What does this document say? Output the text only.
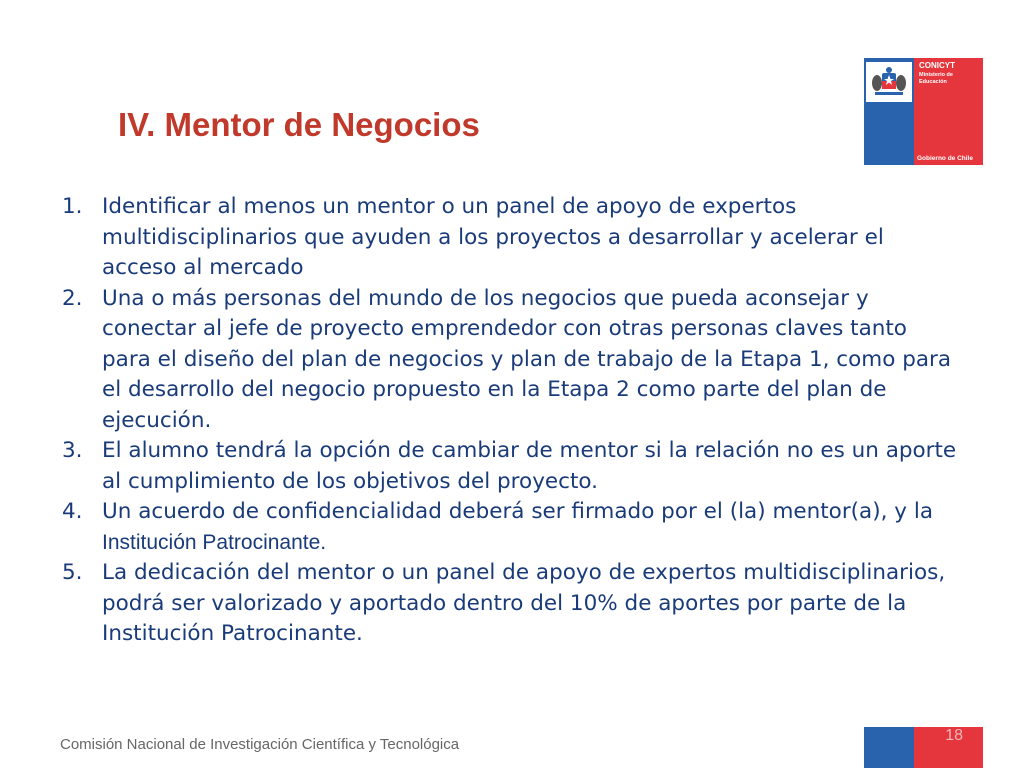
IV. Mentor de Negocios
CONICYT
Ministerio de
Educación
Gobierno de Chile
1. Identificar al menos un mentor o un panel de apoyo de expertos multidisciplinarios que ayuden a los proyectos a desarrollar y acelerar el acceso al mercado
2. Una o más personas del mundo de los negocios que pueda aconsejar y conectar al jefe de proyecto emprendedor con otras personas claves tanto para el diseño del plan de negocios y plan de trabajo de la Etapa 1, como para el desarrollo del negocio propuesto en la Etapa 2 como parte del plan de ejecución.
3. El alumno tendrá la opción de cambiar de mentor si la relación no es un aporte al cumplimiento de los objetivos del proyecto.
4. Un acuerdo de confidencialidad deberá ser firmado por el (la) mentor(a), y la Institución Patrocinante.
5. La dedicación del mentor o un panel de apoyo de expertos multidisciplinarios, podrá ser valorizado y aportado dentro del 10% de aportes por parte de la Institución Patrocinante.
Comisión Nacional de Investigación Científica y Tecnológica
18
